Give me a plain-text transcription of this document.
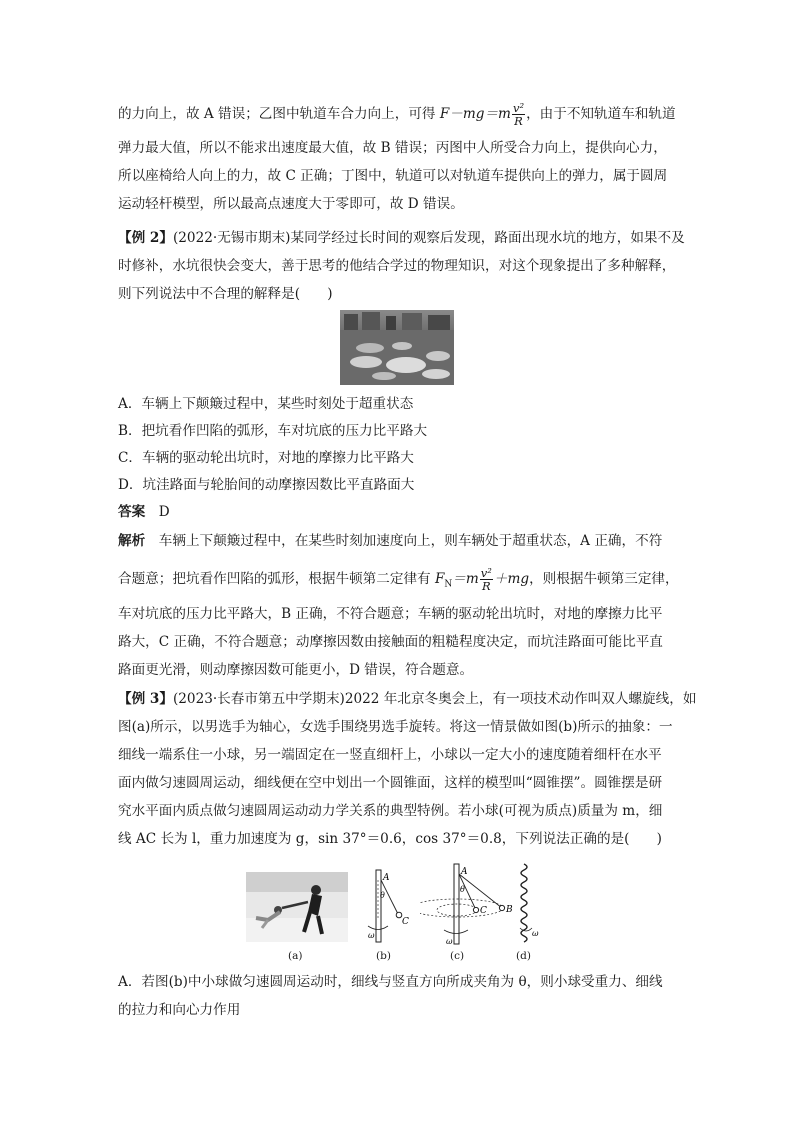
的力向上，故 A 错误；乙图中轨道车合力向上，可得 $F-mg=m \frac{\text{v²}}{R}$ ，由于不知轨道车和轨道
弹力最大值，所以不能求出速度最大值，故 B 错误；丙图中人所受合力向上，提供向心力，
所以座椅给人向上的力，故 C 正确；丁图中，轨道可以对轨道车提供向上的弹力，属于圆周
运动轻杆模型，所以最高点速度大于零即可，故 D 错误。
【例 2】(2022·无锡市期末)某同学经过长时间的观察后发现，路面出现水坑的地方，如果不及
时修补，水坑很快会变大，善于思考的他结合学过的物理知识，对这个现象提出了多种解释，
则下列说法中不合理的解释是(　　)
A．车辆上下颠簸过程中，某些时刻处于超重状态
B．把坑看作凹陷的弧形，车对坑底的压力比平路大
C．车辆的驱动轮出坑时，对地的摩擦力比平路大
D．坑洼路面与轮胎间的动摩擦因数比平直路面大
答案　 D
解析　 车辆上下颠簸过程中，在某些时刻加速度向上，则车辆处于超重状态，A 正确，不符
合题意；把坑看作凹陷的弧形，根据牛顿第二定律有 $F_N=m \frac{\text{v²}}{R} +mg$，则根据牛顿第三定律，
车对坑底的压力比平路大，B 正确，不符合题意；车辆的驱动轮出坑时，对地的摩擦力比平
路大，C 正确，不符合题意；动摩擦因数由接触面的粗糙程度决定，而坑洼路面可能比平直
路面更光滑，则动摩擦因数可能更小，D 错误，符合题意。
【例 3】(2023·长春市第五中学期末)2022 年北京冬奥会上，有一项技术动作叫双人螺旋线，如
图(a)所示，以男选手为轴心，女选手围绕男选手旋转。将这一情景做如图(b)所示的抽象：一
细线一端系住一小球，另一端固定在一竖直细杆上，小球以一定大小的速度随着细杆在水平
面内做匀速圆周运动，细线便在空中划出一个圆锥面，这样的模型叫“圆锥摆”。圆锥摆是研
究水平面内质点做匀速圆周运动动力学关系的典型特例。若小球(可视为质点)质量为 m，细
线 AC 长为 l，重力加速度为 g，sin 37°＝0.6，cos 37°＝0.8，下列说法正确的是(　　)
A
θ
C
ω
A
θ
C B
ω
ω
(a)	(b)	(c)	(d)
A．若图(b)中小球做匀速圆周运动时，细线与竖直方向所成夹角为 θ，则小球受重力、细线
的拉力和向心力作用
